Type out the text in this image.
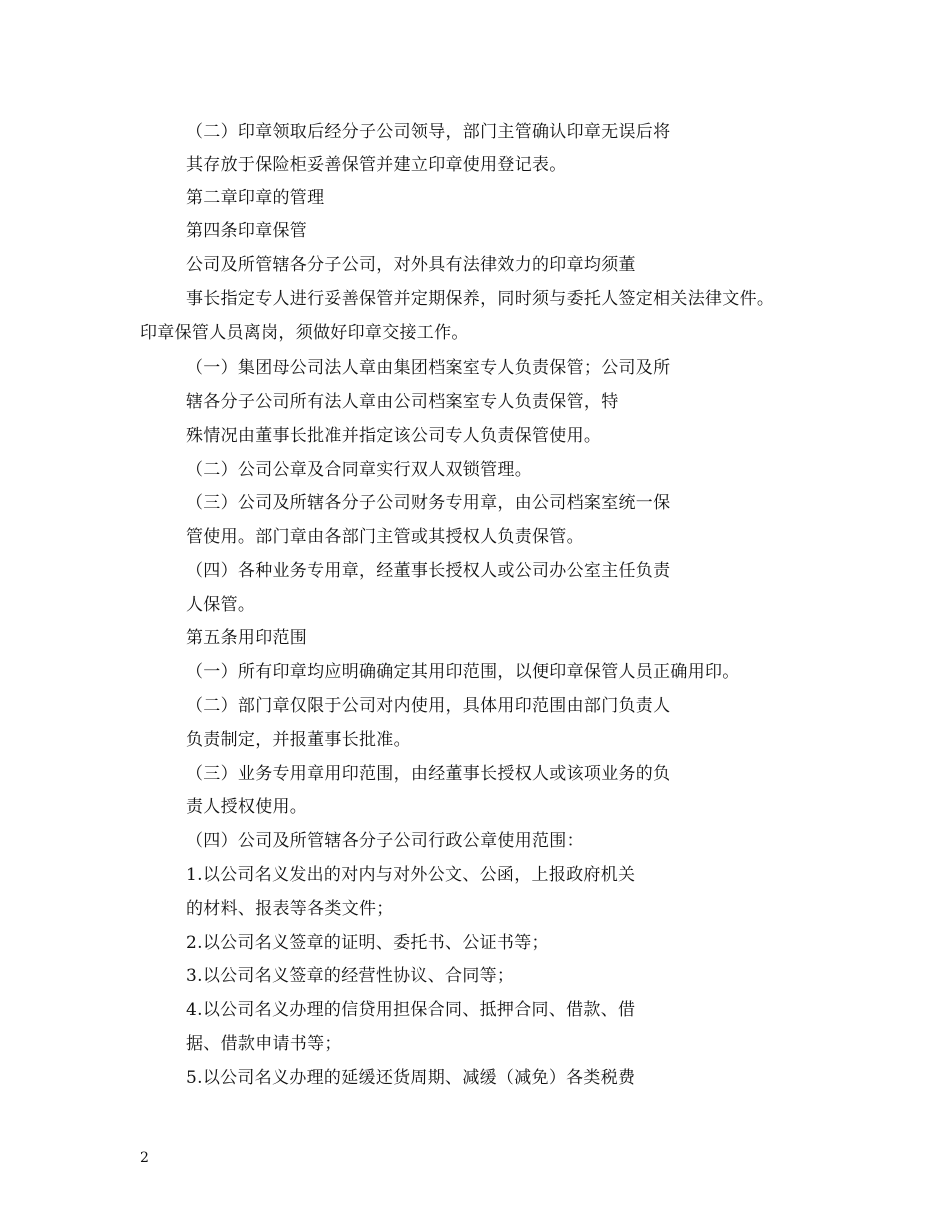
（二）印章领取后经分子公司领导，部门主管确认印章无误后将
其存放于保险柜妥善保管并建立印章使用登记表。
第二章印章的管理
第四条印章保管
公司及所管辖各分子公司，对外具有法律效力的印章均须董
事长指定专人进行妥善保管并定期保养，同时须与委托人签定相关法律文件。
印章保管人员离岗，须做好印章交接工作。
（一）集团母公司法人章由集团档案室专人负责保管；公司及所
辖各分子公司所有法人章由公司档案室专人负责保管，特
殊情况由董事长批准并指定该公司专人负责保管使用。
（二）公司公章及合同章实行双人双锁管理。
（三）公司及所辖各分子公司财务专用章，由公司档案室统一保
管使用。部门章由各部门主管或其授权人负责保管。
（四）各种业务专用章，经董事长授权人或公司办公室主任负责
人保管。
第五条用印范围
（一）所有印章均应明确确定其用印范围，以便印章保管人员正确用印。
（二）部门章仅限于公司对内使用，具体用印范围由部门负责人
负责制定，并报董事长批准。
（三）业务专用章用印范围，由经董事长授权人或该项业务的负
责人授权使用。
（四）公司及所管辖各分子公司行政公章使用范围：
1.以公司名义发出的对内与对外公文、公函，上报政府机关
的材料、报表等各类文件；
2.以公司名义签章的证明、委托书、公证书等；
3.以公司名义签章的经营性协议、合同等；
4.以公司名义办理的信贷用担保合同、抵押合同、借款、借
据、借款申请书等；
5.以公司名义办理的延缓还货周期、减缓（减免）各类税费
2
